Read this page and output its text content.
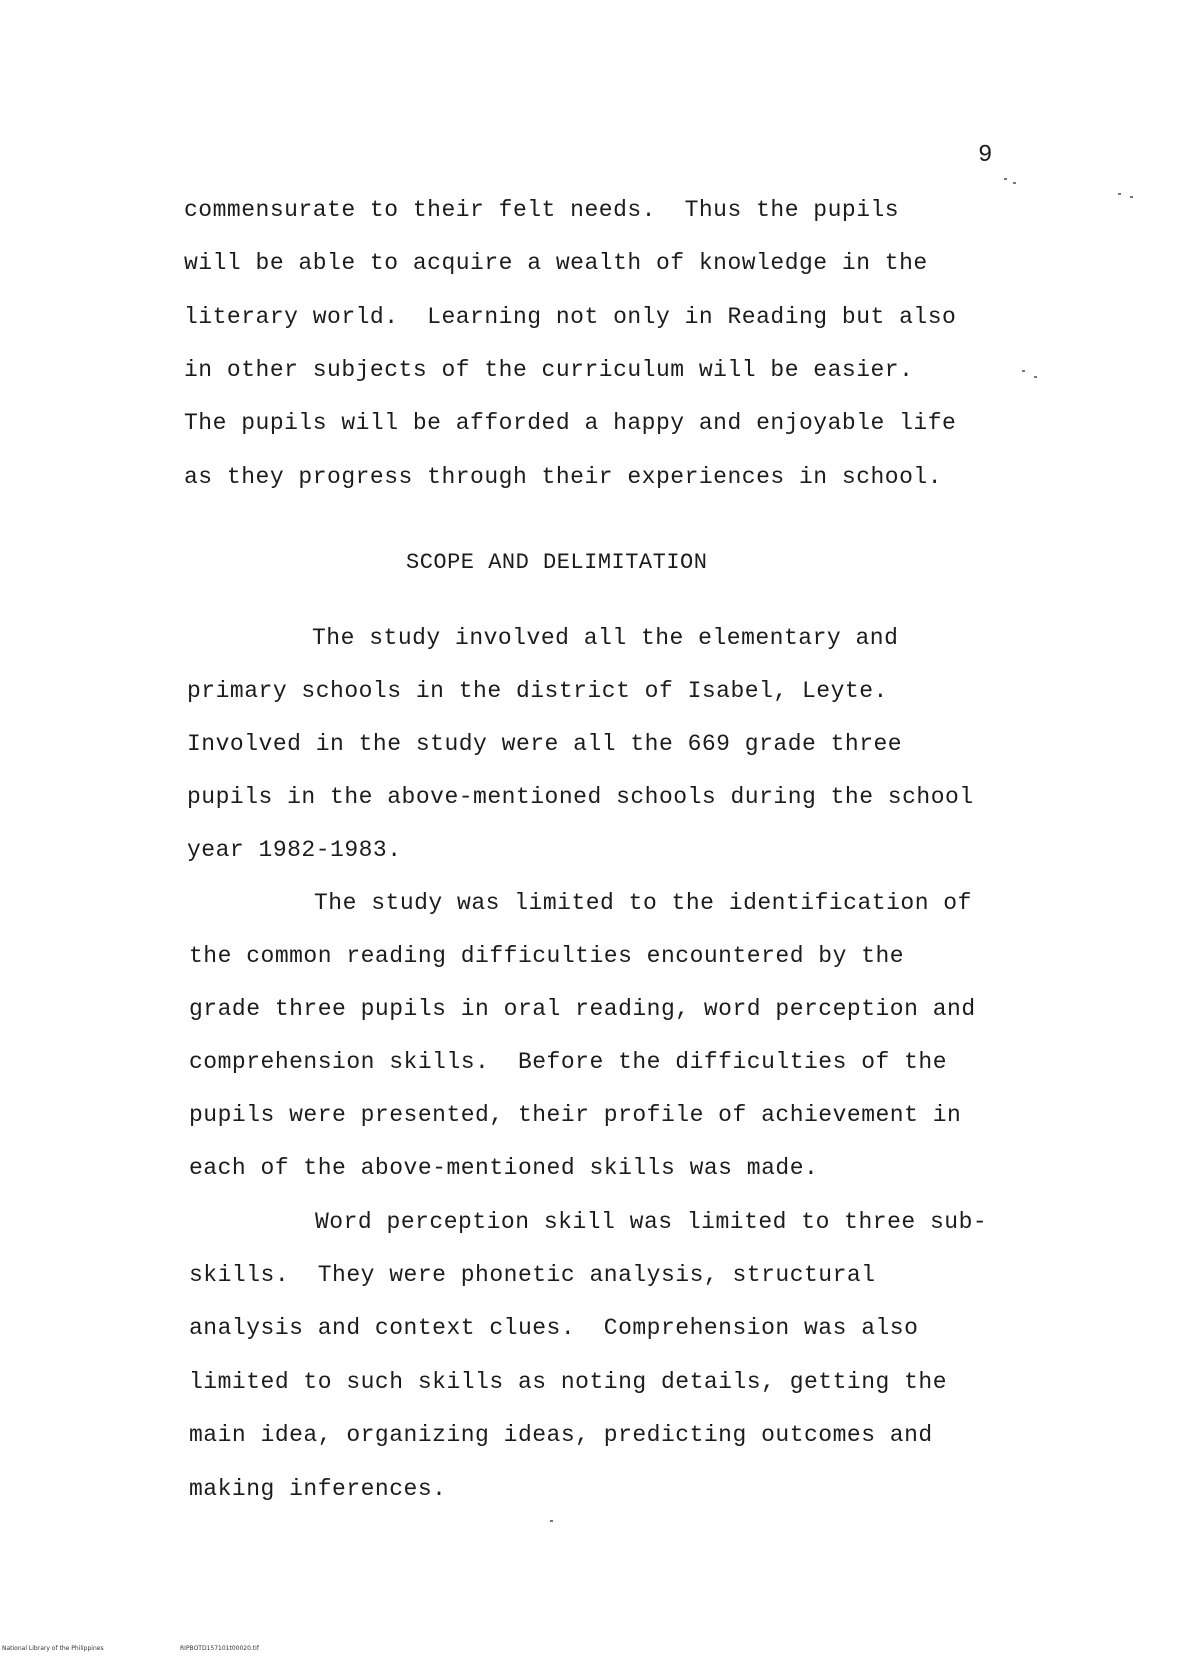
9
commensurate to their felt needs.  Thus the pupils
will be able to acquire a wealth of knowledge in the
literary world.  Learning not only in Reading but also
in other subjects of the curriculum will be easier.
The pupils will be afforded a happy and enjoyable life
as they progress through their experiences in school.
SCOPE AND DELIMITATION
The study involved all the elementary and
primary schools in the district of Isabel, Leyte.
Involved in the study were all the 669 grade three
pupils in the above-mentioned schools during the school
year 1982-1983.
The study was limited to the identification of
the common reading difficulties encountered by the
grade three pupils in oral reading, word perception and
comprehension skills.  Before the difficulties of the
pupils were presented, their profile of achievement in
each of the above-mentioned skills was made.
Word perception skill was limited to three sub-
skills.  They were phonetic analysis, structural
analysis and context clues.  Comprehension was also
limited to such skills as noting details, getting the
main idea, organizing ideas, predicting outcomes and
making inferences.
National Library of the Philippines	RIPBOTD157101t00020.tif
